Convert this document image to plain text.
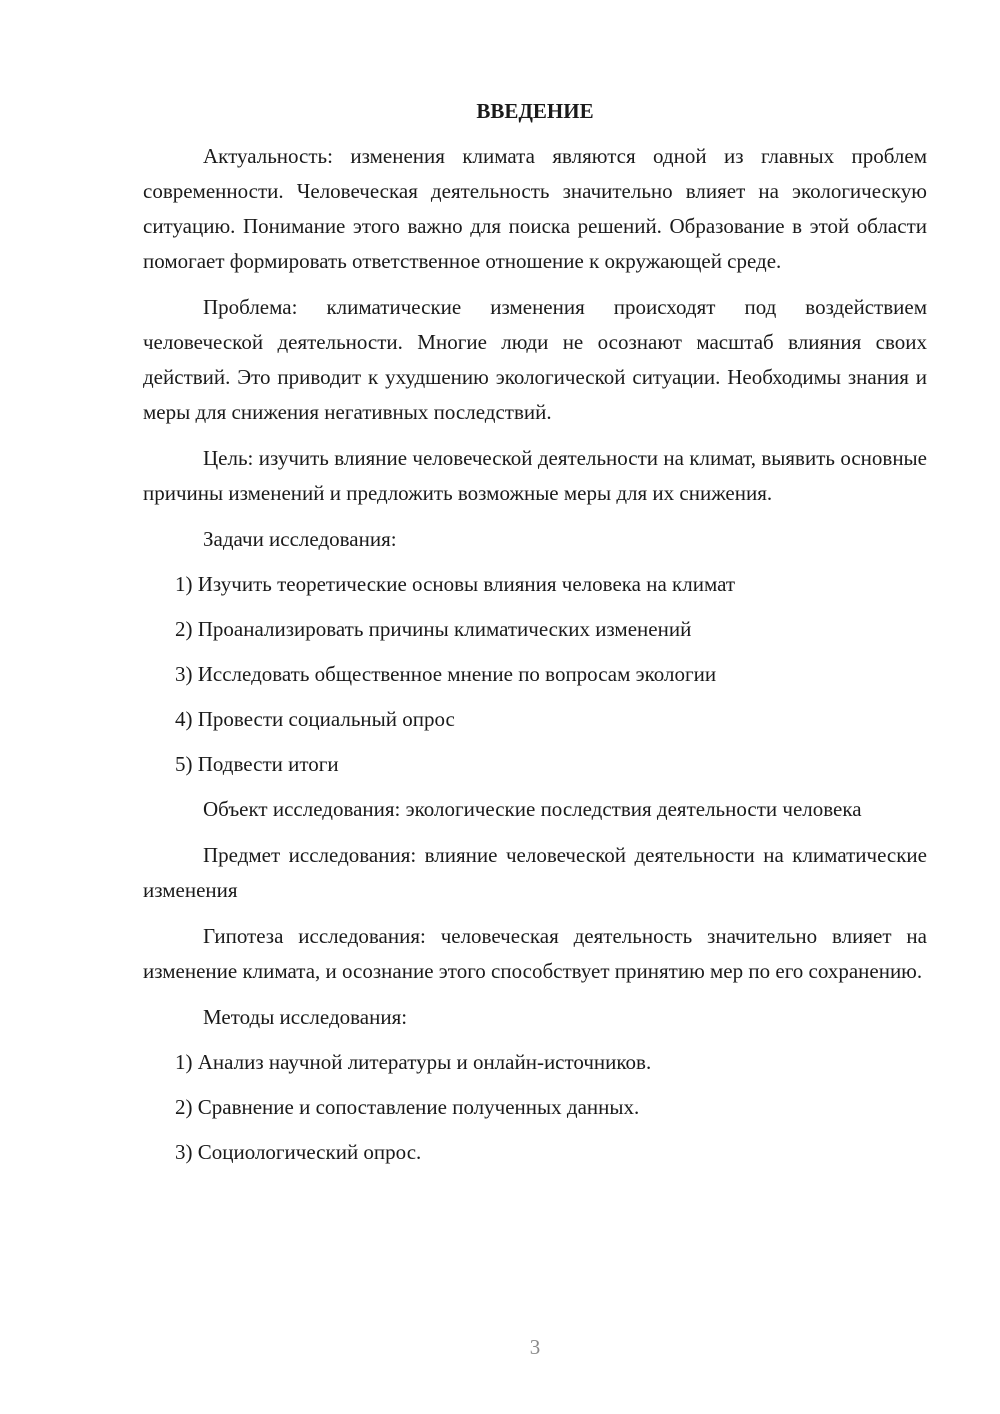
ВВЕДЕНИЕ

Актуальность: изменения климата являются одной из главных проблем современности. Человеческая деятельность значительно влияет на экологическую ситуацию. Понимание этого важно для поиска решений. Образование в этой области помогает формировать ответственное отношение к окружающей среде.

Проблема: климатические изменения происходят под воздействием человеческой деятельности. Многие люди не осознают масштаб влияния своих действий. Это приводит к ухудшению экологической ситуации. Необходимы знания и меры для снижения негативных последствий.

Цель: изучить влияние человеческой деятельности на климат, выявить основные причины изменений и предложить возможные меры для их снижения.

Задачи исследования:
1) Изучить теоретические основы влияния человека на климат
2) Проанализировать причины климатических изменений
3) Исследовать общественное мнение по вопросам экологии
4) Провести социальный опрос
5) Подвести итоги

Объект исследования: экологические последствия деятельности человека

Предмет исследования: влияние человеческой деятельности на климатические изменения

Гипотеза исследования: человеческая деятельность значительно влияет на изменение климата, и осознание этого способствует принятию мер по его сохранению.

Методы исследования:
1) Анализ научной литературы и онлайн-источников.
2) Сравнение и сопоставление полученных данных.
3) Социологический опрос.
3
